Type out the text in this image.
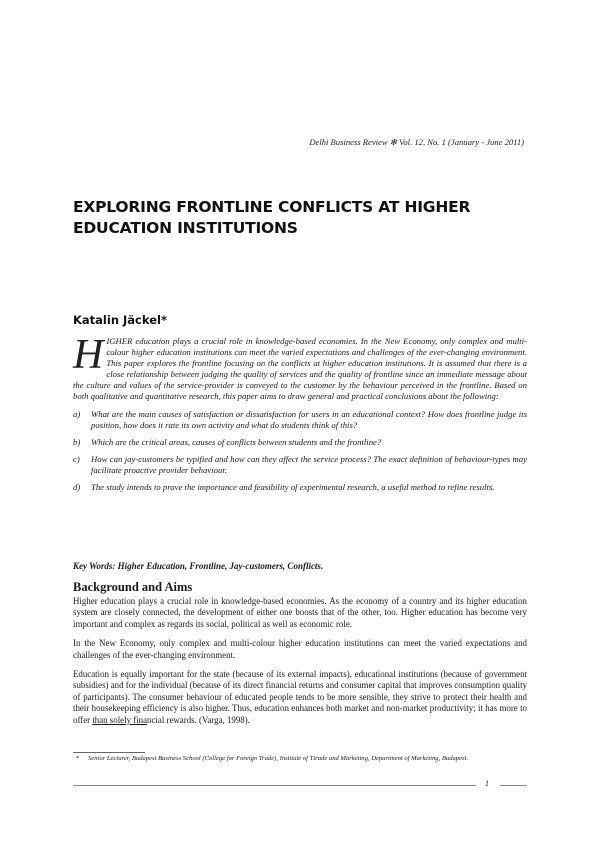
Delhi Business Review ✻ Vol. 12, No. 1 (January - June 2011)
EXPLORING FRONTLINE CONFLICTS AT HIGHER
EDUCATION INSTITUTIONS
Katalin Jäckel*

HIGHER education plays a crucial role in knowledge-based economies. In the New Economy, only complex and multi-colour higher education institutions can meet the varied expectations and challenges of the ever-changing environment. This paper explores the frontline focusing on the conflicts at higher education institutions. It is assumed that there is a close relationship between judging the quality of services and the quality of frontline since an immediate message about the culture and values of the service-provider is conveyed to the customer by the behaviour perceived in the frontline. Based on both qualitative and quantitative research, this paper aims to draw general and practical conclusions about the following:

a) What are the main causes of satisfaction or dissatisfaction for users in an educational context? How does frontline judge its position, how does it rate its own activity and what do students think of this?
b) Which are the critical areas, causes of conflicts between students and the frontline?
c) How can jay-customers be typified and how can they affect the service process? The exact definition of behaviour-types may facilitate proactive provider behaviour.
d) The study intends to prove the importance and feasibility of experimental research, a useful method to refine results.
Key Words: Higher Education, Frontline, Jay-customers, Conflicts.
Background and Aims

Higher education plays a crucial role in knowledge-based economies. As the economy of a country and its higher education system are closely connected, the development of either one boosts that of the other, too. Higher education has become very important and complex as regards its social, political as well as economic role.

In the New Economy, only complex and multi-colour higher education institutions can meet the varied expectations and challenges of the ever-changing environment.

Education is equally important for the state (because of its external impacts), educational institutions (because of government subsidies) and for the individual (because of its direct financial returns and consumer capital that improves consumption quality of participants). The consumer behaviour of educated people tends to be more sensible, they strive to protect their health and their housekeeping efficiency is also higher. Thus, education enhances both market and non-market productivity; it has more to offer than solely financial rewards. (Varga, 1998).

* Senior Lecturer, Budapest Business School (College for Foreign Trade), Institute of Ttrade and Marketing, Department of Marketing, Budapest.
1
